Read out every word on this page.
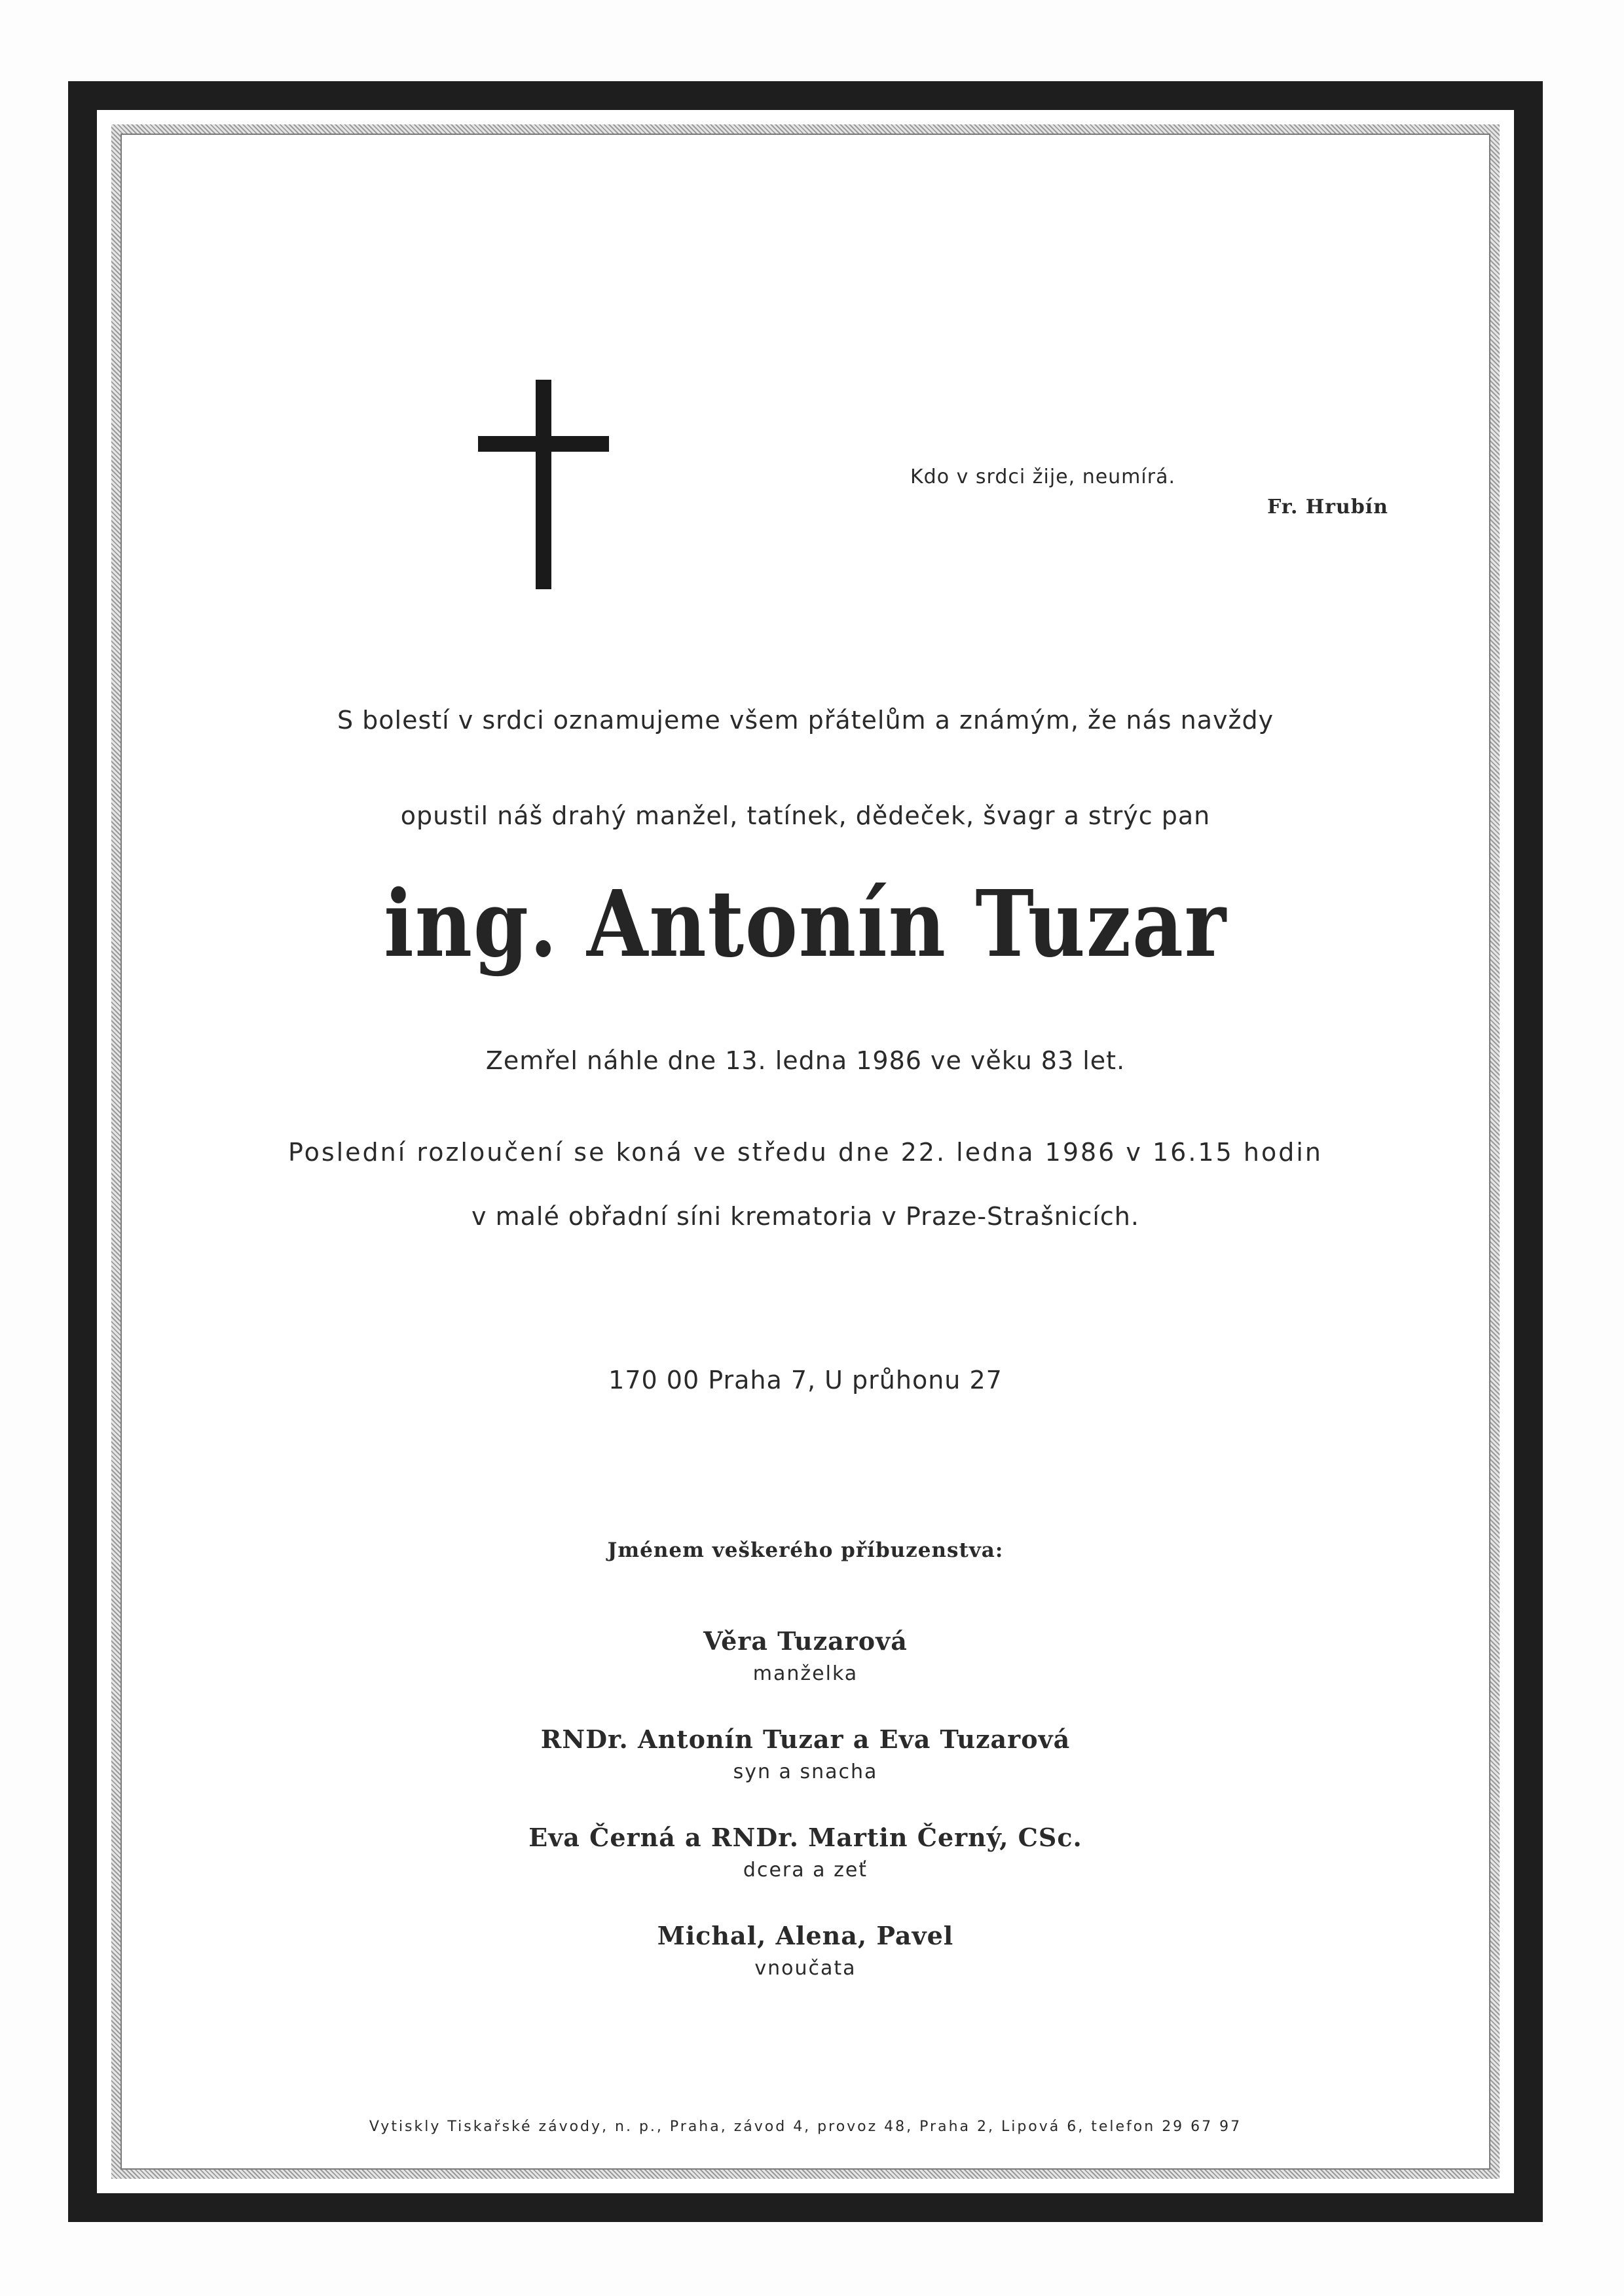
Kdo v srdci žije, neumírá.
Fr. Hrubín
S bolestí v srdci oznamujeme všem přátelům a známým, že nás navždy
opustil náš drahý manžel, tatínek, dědeček, švagr a strýc pan
ing. Antonín Tuzar
Zemřel náhle dne 13. ledna 1986 ve věku 83 let.
Poslední rozloučení se koná ve středu dne 22. ledna 1986 v 16.15 hodin
v malé obřadní síni krematoria v Praze-Strašnicích.
170 00 Praha 7, U průhonu 27
Jménem veškerého příbuzenstva:
Věra Tuzarová
manželka
RNDr. Antonín Tuzar a Eva Tuzarová
syn a snacha
Eva Černá a RNDr. Martin Černý, CSc.
dcera a zeť
Michal, Alena, Pavel
vnoučata
Vytiskly Tiskařské závody, n. p., Praha, závod 4, provoz 48, Praha 2, Lipová 6, telefon 29 67 97
